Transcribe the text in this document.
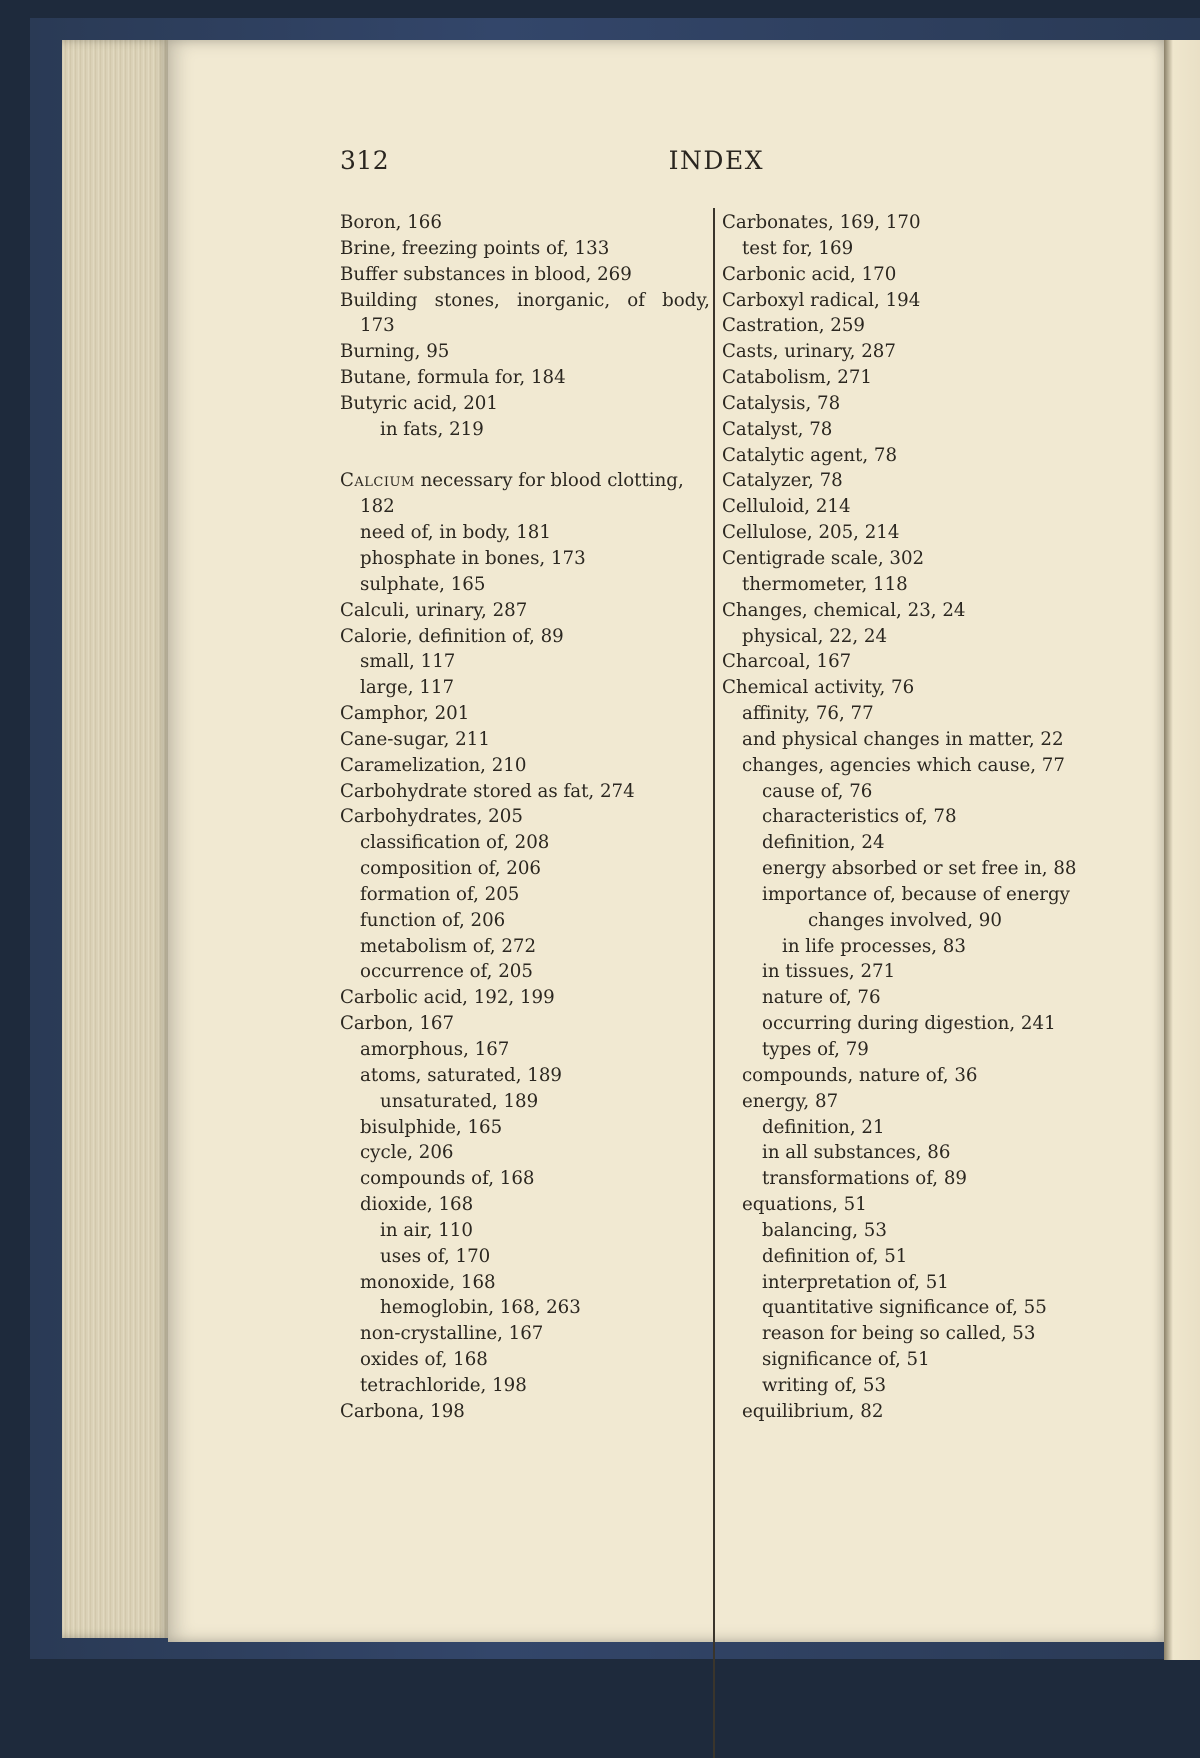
312	INDEX
Boron, 166
Brine, freezing points of, 133
Buffer substances in blood, 269
Building stones, inorganic, of body,
173
Burning, 95
Butane, formula for, 184
Butyric acid, 201
in fats, 219
Calcium necessary for blood clotting,
182
need of, in body, 181
phosphate in bones, 173
sulphate, 165
Calculi, urinary, 287
Calorie, definition of, 89
small, 117
large, 117
Camphor, 201
Cane-sugar, 211
Caramelization, 210
Carbohydrate stored as fat, 274
Carbohydrates, 205
classification of, 208
composition of, 206
formation of, 205
function of, 206
metabolism of, 272
occurrence of, 205
Carbolic acid, 192, 199
Carbon, 167
amorphous, 167
atoms, saturated, 189
unsaturated, 189
bisulphide, 165
cycle, 206
compounds of, 168
dioxide, 168
in air, 110
uses of, 170
monoxide, 168
hemoglobin, 168, 263
non-crystalline, 167
oxides of, 168
tetrachloride, 198
Carbona, 198
Carbonates, 169, 170
test for, 169
Carbonic acid, 170
Carboxyl radical, 194
Castration, 259
Casts, urinary, 287
Catabolism, 271
Catalysis, 78
Catalyst, 78
Catalytic agent, 78
Catalyzer, 78
Celluloid, 214
Cellulose, 205, 214
Centigrade scale, 302
thermometer, 118
Changes, chemical, 23, 24
physical, 22, 24
Charcoal, 167
Chemical activity, 76
affinity, 76, 77
and physical changes in matter, 22
changes, agencies which cause, 77
cause of, 76
characteristics of, 78
definition, 24
energy absorbed or set free in, 88
importance of, because of energy
changes involved, 90
in life processes, 83
in tissues, 271
nature of, 76
occurring during digestion, 241
types of, 79
compounds, nature of, 36
energy, 87
definition, 21
in all substances, 86
transformations of, 89
equations, 51
balancing, 53
definition of, 51
interpretation of, 51
quantitative significance of, 55
reason for being so called, 53
significance of, 51
writing of, 53
equilibrium, 82
